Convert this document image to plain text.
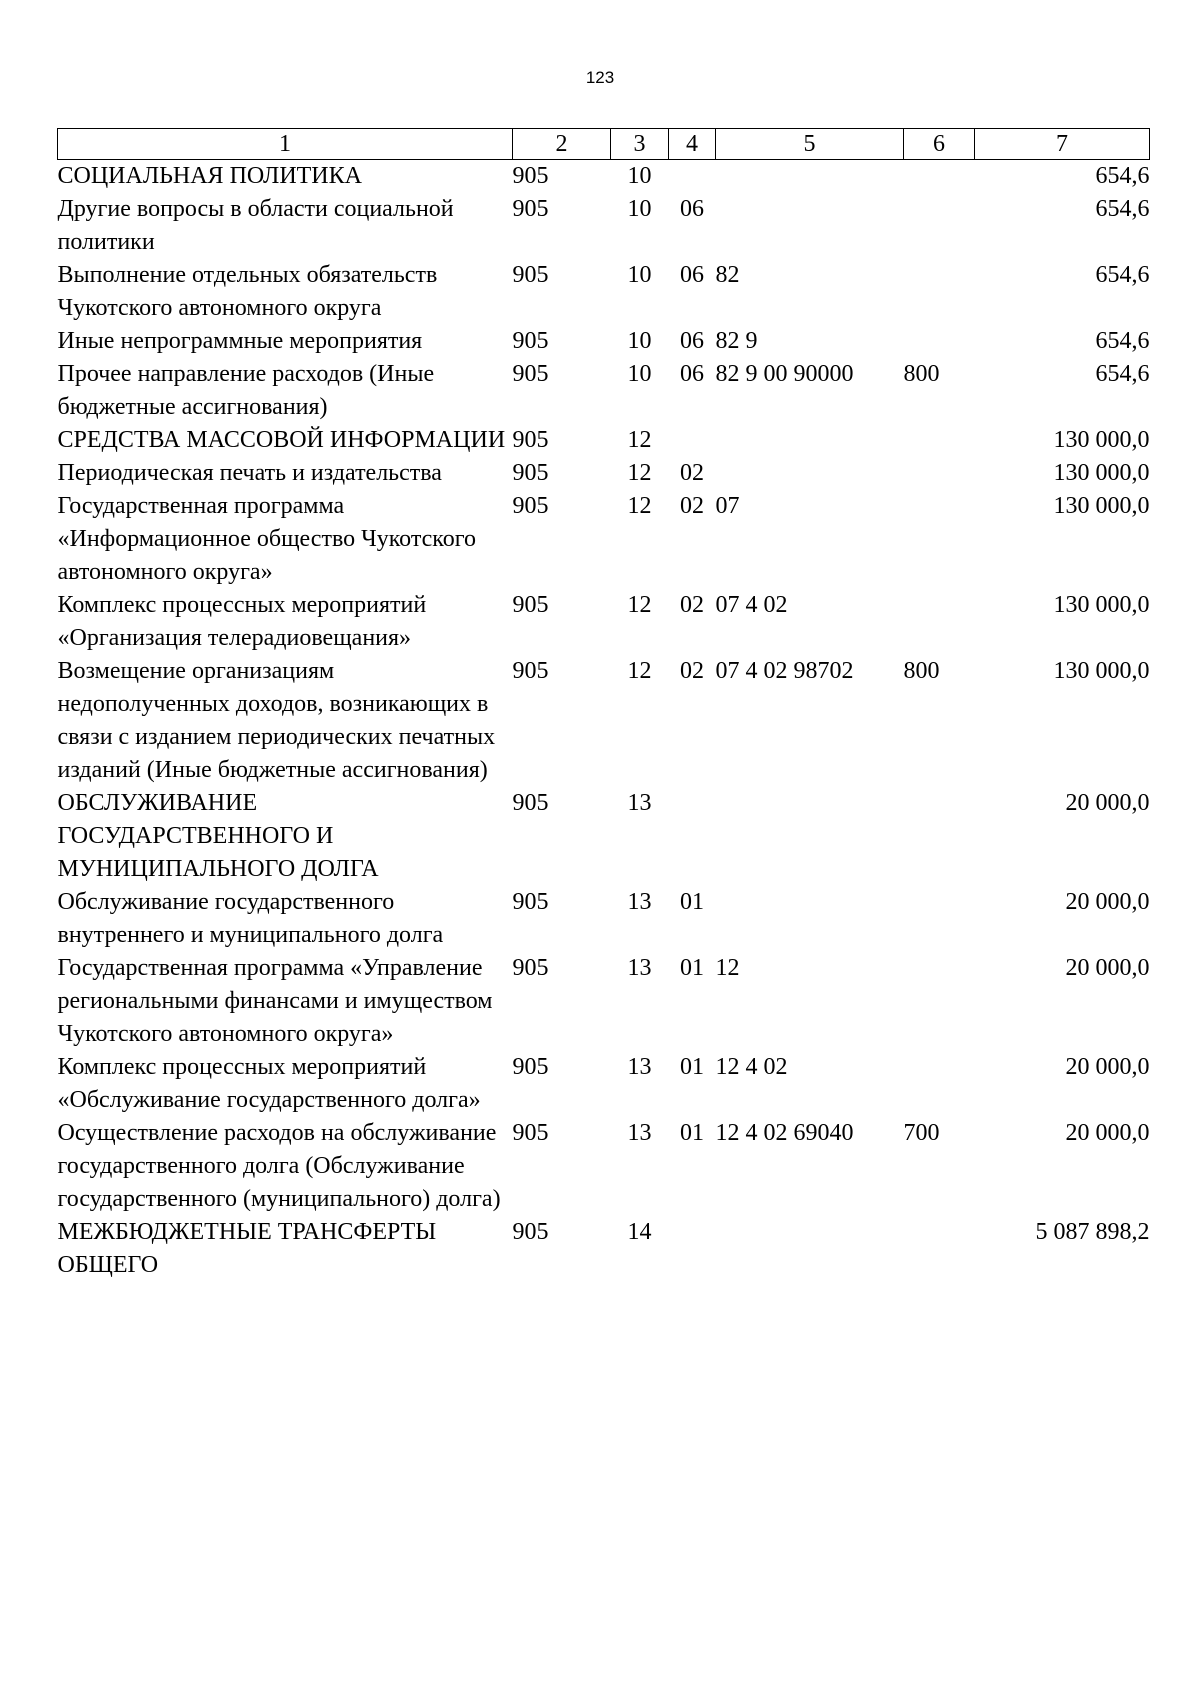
123
1	2	3	4	5	6	7
СОЦИАЛЬНАЯ ПОЛИТИКА	905	10				654,6
Другие вопросы в области социальной политики	905	10	06			654,6
Выполнение отдельных обязательств Чукотского автономного округа	905	10	06	82		654,6
Иные непрограммные мероприятия	905	10	06	82 9		654,6
Прочее направление расходов (Иные бюджетные ассигнования)	905	10	06	82 9 00 90000	800	654,6
СРЕДСТВА МАССОВОЙ ИНФОРМАЦИИ	905	12				130 000,0
Периодическая печать и издательства	905	12	02			130 000,0
Государственная программа «Информационное общество Чукотского автономного округа»	905	12	02	07		130 000,0
Комплекс процессных мероприятий «Организация телерадиовещания»	905	12	02	07 4 02		130 000,0
Возмещение организациям недополученных доходов, возникающих в связи с изданием периодических печатных изданий (Иные бюджетные ассигнования)	905	12	02	07 4 02 98702	800	130 000,0
ОБСЛУЖИВАНИЕ ГОСУДАРСТВЕННОГО И МУНИЦИПАЛЬНОГО ДОЛГА	905	13				20 000,0
Обслуживание государственного внутреннего и муниципального долга	905	13	01			20 000,0
Государственная программа «Управление региональными финансами и имуществом Чукотского автономного округа»	905	13	01	12		20 000,0
Комплекс процессных мероприятий «Обслуживание государственного долга»	905	13	01	12 4 02		20 000,0
Осуществление расходов на обслуживание государственного долга (Обслуживание государственного (муниципального) долга)	905	13	01	12 4 02 69040	700	20 000,0
МЕЖБЮДЖЕТНЫЕ ТРАНСФЕРТЫ ОБЩЕГО	905	14				5 087 898,2
